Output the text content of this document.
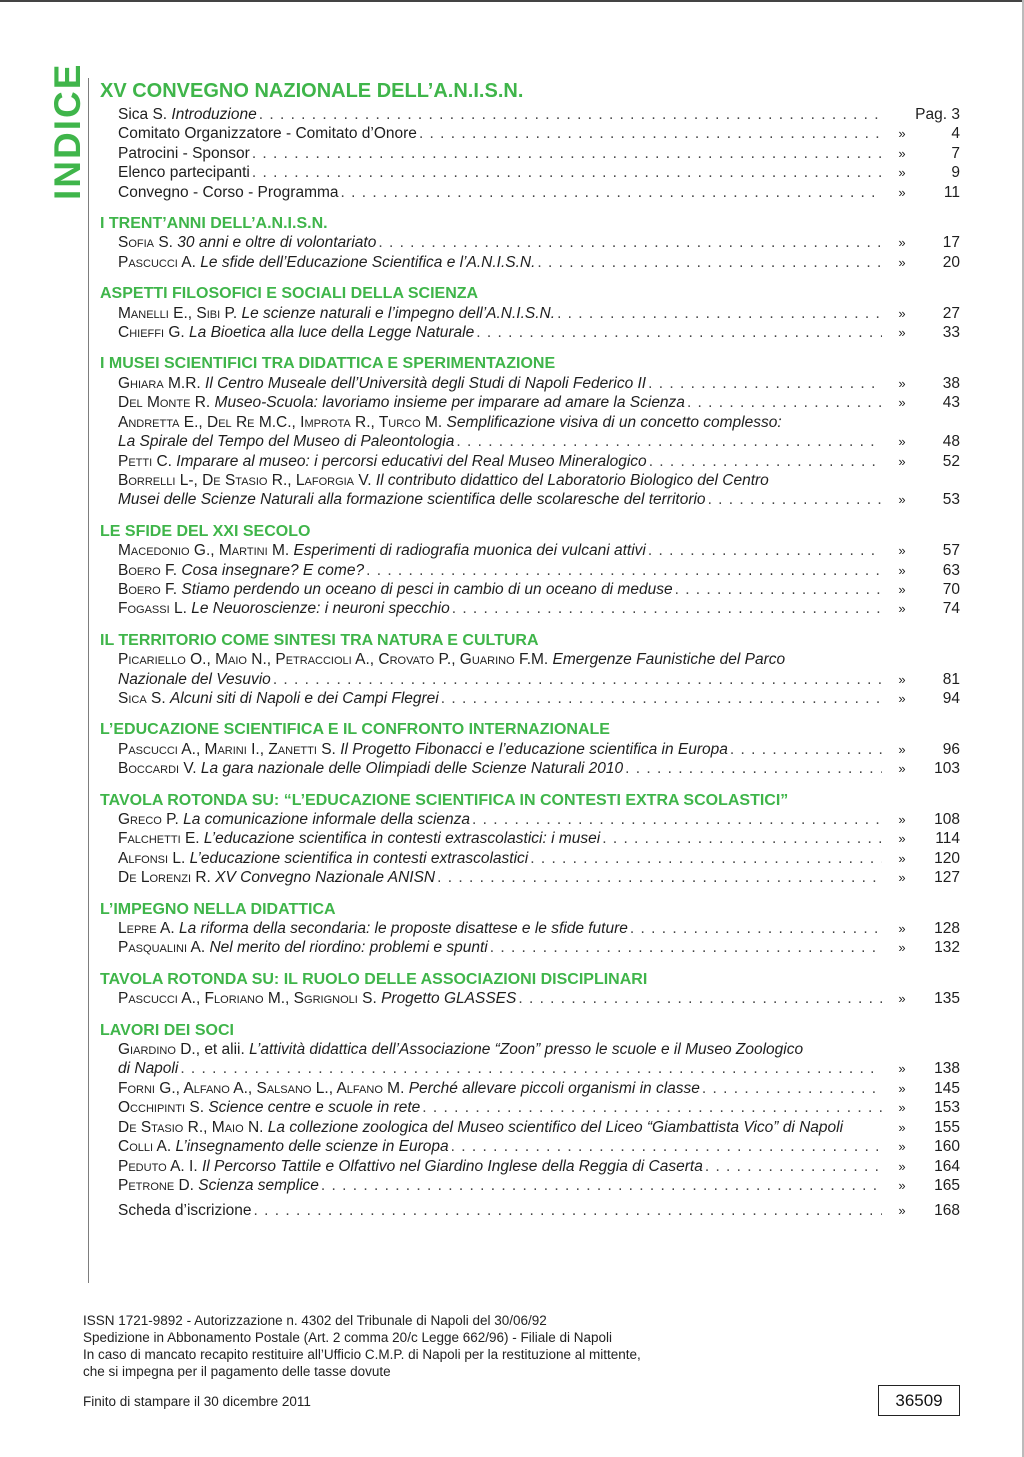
INDICE XV CONVEGNO NAZIONALE DELL’A.N.I.S.N.
Sica S. Introduzione . . .	Pag. 3
Comitato Organizzatore - Comitato d’Onore . . .	»	4
Patrocini - Sponsor . . .	»	7
Elenco partecipanti . . .	»	9
Convegno - Corso - Programma . . .	»	11
I TRENT’ANNI DELL’A.N.I.S.N.
Sofia S. 30 anni e oltre di volontariato . . .	»	17
Pascucci A. Le sfide dell’Educazione Scientifica e l’A.N.I.S.N. . . .	»	20
ASPETTI FILOSOFICI E SOCIALI DELLA SCIENZA
Manelli E., Sibi P. Le scienze naturali e l’impegno dell’A.N.I.S.N. . . .	»	27
Chieffi G. La Bioetica alla luce della Legge Naturale . . .	»	33
I MUSEI SCIENTIFICI TRA DIDATTICA E SPERIMENTAZIONE
Ghiara M.R. Il Centro Museale dell’Università degli Studi di Napoli Federico II . . .	»	38
Del Monte R. Museo-Scuola: lavoriamo insieme per imparare ad amare la Scienza . . .	»	43
Andretta E., Del Re M.C., Improta R., Turco M. Semplificazione visiva di un concetto complesso:
La Spirale del Tempo del Museo di Paleontologia . . .	»	48
Petti C. Imparare al museo: i percorsi educativi del Real Museo Mineralogico . . .	»	52
Borrelli L-, De Stasio R., Laforgia V. Il contributo didattico del Laboratorio Biologico del Centro
Musei delle Scienze Naturali alla formazione scientifica delle scolaresche del territorio . . .	»	53
LE SFIDE DEL XXI SECOLO
Macedonio G., Martini M. Esperimenti di radiografia muonica dei vulcani attivi . . .	»	57
Boero F. Cosa insegnare? E come? . . .	»	63
Boero F. Stiamo perdendo un oceano di pesci in cambio di un oceano di meduse . . .	»	70
Fogassi L. Le Neuoroscienze: i neuroni specchio . . .	»	74
IL TERRITORIO COME SINTESI TRA NATURA E CULTURA
Picariello O., Maio N., Petraccioli A., Crovato P., Guarino F.M. Emergenze Faunistiche del Parco
Nazionale del Vesuvio . . .	»	81
Sica S. Alcuni siti di Napoli e dei Campi Flegrei . . .	»	94
L’EDUCAZIONE SCIENTIFICA E IL CONFRONTO INTERNAZIONALE
Pascucci A., Marini I., Zanetti S. Il Progetto Fibonacci e l’educazione scientifica in Europa . . .	»	96
Boccardi V. La gara nazionale delle Olimpiadi delle Scienze Naturali 2010 . . .	»	103
TAVOLA ROTONDA SU: “L’EDUCAZIONE SCIENTIFICA IN CONTESTI EXTRA SCOLASTICI”
Greco P. La comunicazione informale della scienza . . .	»	108
Falchetti E. L’educazione scientifica in contesti extrascolastici: i musei . . .	»	114
Alfonsi L. L’educazione scientifica in contesti extrascolastici . . .	»	120
De Lorenzi R. XV Convegno Nazionale ANISN . . .	»	127
L’IMPEGNO NELLA DIDATTICA
Lepre A. La riforma della secondaria: le proposte disattese e le sfide future . . .	»	128
Pasqualini A. Nel merito del riordino: problemi e spunti . . .	»	132
TAVOLA ROTONDA SU: IL RUOLO DELLE ASSOCIAZIONI DISCIPLINARI
Pascucci A., Floriano M., Sgrignoli S. Progetto GLASSES . . .	»	135
LAVORI DEI SOCI
Giardino D., et alii. L’attività didattica dell’Associazione “Zoon” presso le scuole e il Museo Zoologico
di Napoli . . .	»	138
Forni G., Alfano A., Salsano L., Alfano M. Perché allevare piccoli organismi in classe . . .	»	145
Occhipinti S. Science centre e scuole in rete . . .	»	153
De Stasio R., Maio N. La collezione zoologica del Museo scientifico del Liceo “Giambattista Vico” di Napoli	»	155
Colli A. L’insegnamento delle scienze in Europa . . .	»	160
Peduto A. I. Il Percorso Tattile e Olfattivo nel Giardino Inglese della Reggia di Caserta . . .	»	164
Petrone D. Scienza semplice . . .	»	165
Scheda d’iscrizione . . .	»	168

ISSN 1721-9892 - Autorizzazione n. 4302 del Tribunale di Napoli del 30/06/92

Spedizione in Abbonamento Postale (Art. 2 comma 20/c Legge 662/96) - Filiale di Napoli

In caso di mancato recapito restituire all’Ufficio C.M.P. di Napoli per la restituzione al mittente,

che si impegna per il pagamento delle tasse dovute

Finito di stampare il 30 dicembre 2011	36509
